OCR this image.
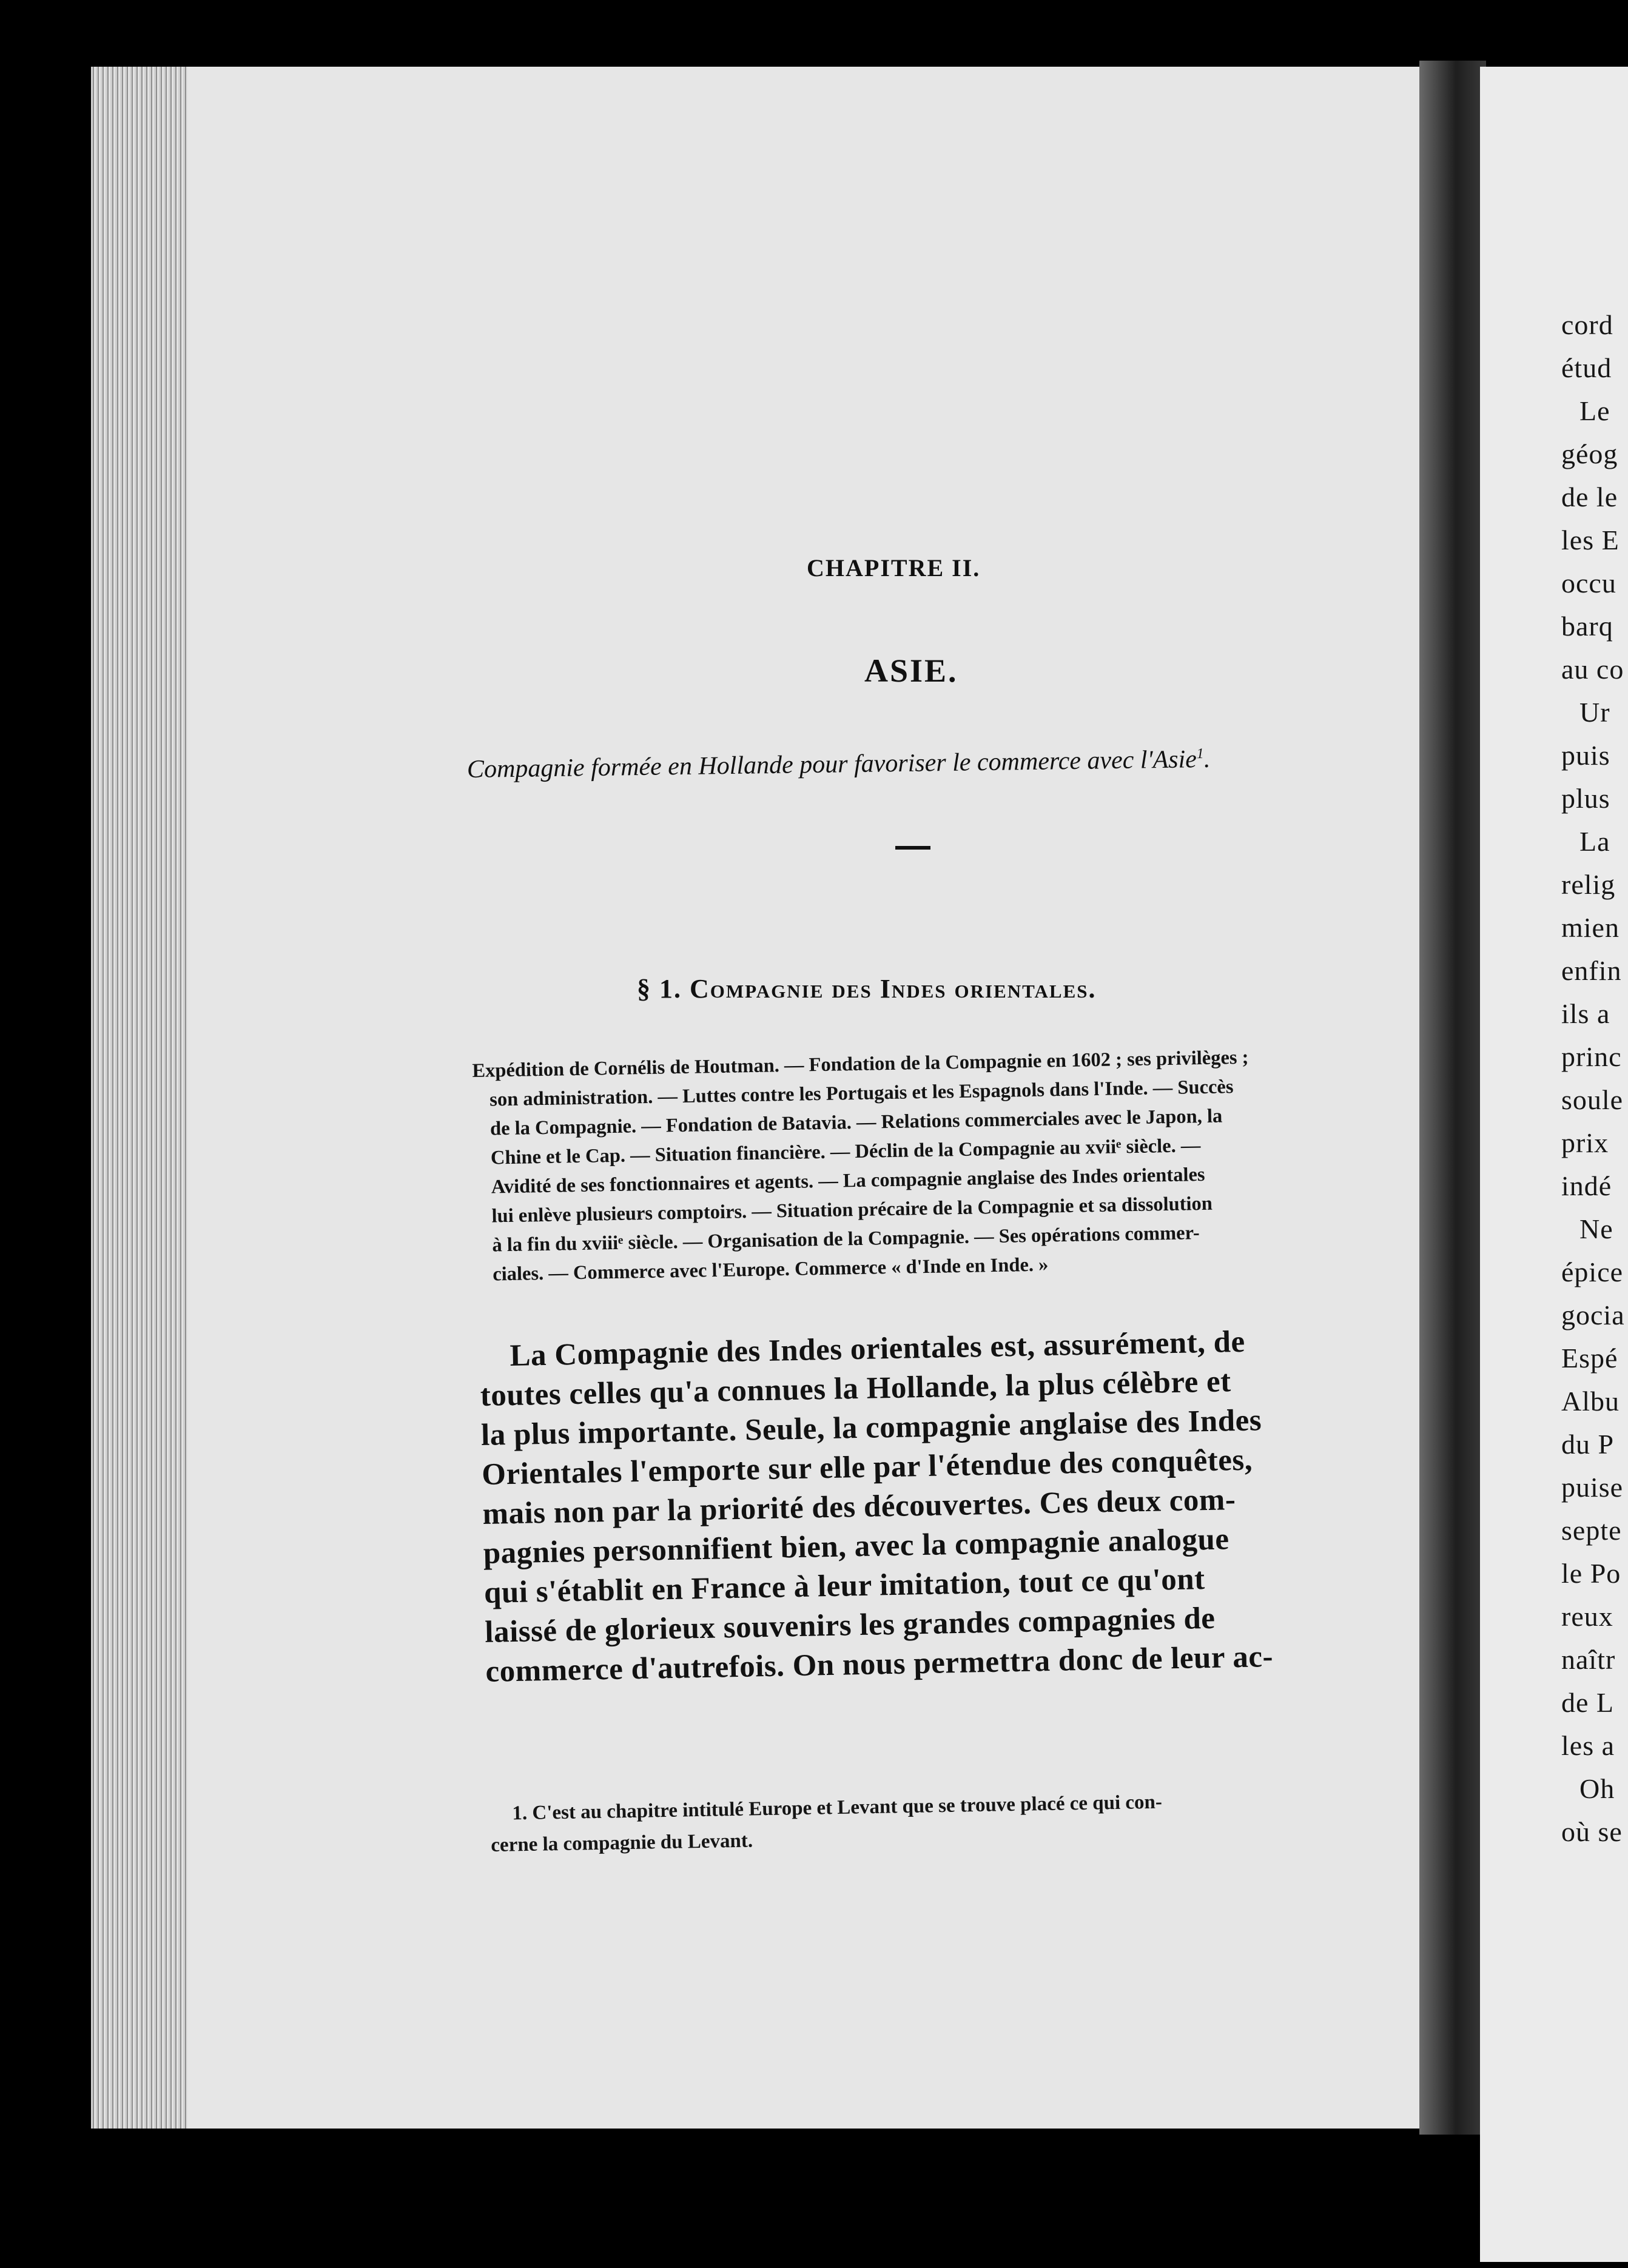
cord
étud
Le
géog
de le
les E
occu
barq
au co
Ur
puis
plus
La
relig
mien
enfin
ils a
princ
soule
prix
indé
Ne
épice
gocia
Espé
Albu
du P
puise
septe
le Po
reux
naîtr
de L
les a
Oh
où se
CHAPITRE II.
ASIE.
Compagnie formée en Hollande pour favoriser le commerce avec l'Asie$^1$.
§ 1. Compagnie des Indes orientales.
Expédition de Cornélis de Houtman. — Fondation de la Compagnie en 1602 ; ses privilèges ;
son administration. — Luttes contre les Portugais et les Espagnols dans l'Inde. — Succès
de la Compagnie. — Fondation de Batavia. — Relations commerciales avec le Japon, la
Chine et le Cap. — Situation financière. — Déclin de la Compagnie au xviiᵉ siècle. —
Avidité de ses fonctionnaires et agents. — La compagnie anglaise des Indes orientales
lui enlève plusieurs comptoirs. — Situation précaire de la Compagnie et sa dissolution
à la fin du xviiiᵉ siècle. — Organisation de la Compagnie. — Ses opérations commer-
ciales. — Commerce avec l'Europe. Commerce « d'Inde en Inde. »
La Compagnie des Indes orientales est, assurément, de
toutes celles qu'a connues la Hollande, la plus célèbre et
la plus importante. Seule, la compagnie anglaise des Indes
Orientales l'emporte sur elle par l'étendue des conquêtes,
mais non par la priorité des découvertes. Ces deux com-
pagnies personnifient bien, avec la compagnie analogue
qui s'établit en France à leur imitation, tout ce qu'ont
laissé de glorieux souvenirs les grandes compagnies de
commerce d'autrefois. On nous permettra donc de leur ac-
1. C'est au chapitre intitulé Europe et Levant que se trouve placé ce qui con-
cerne la compagnie du Levant.
